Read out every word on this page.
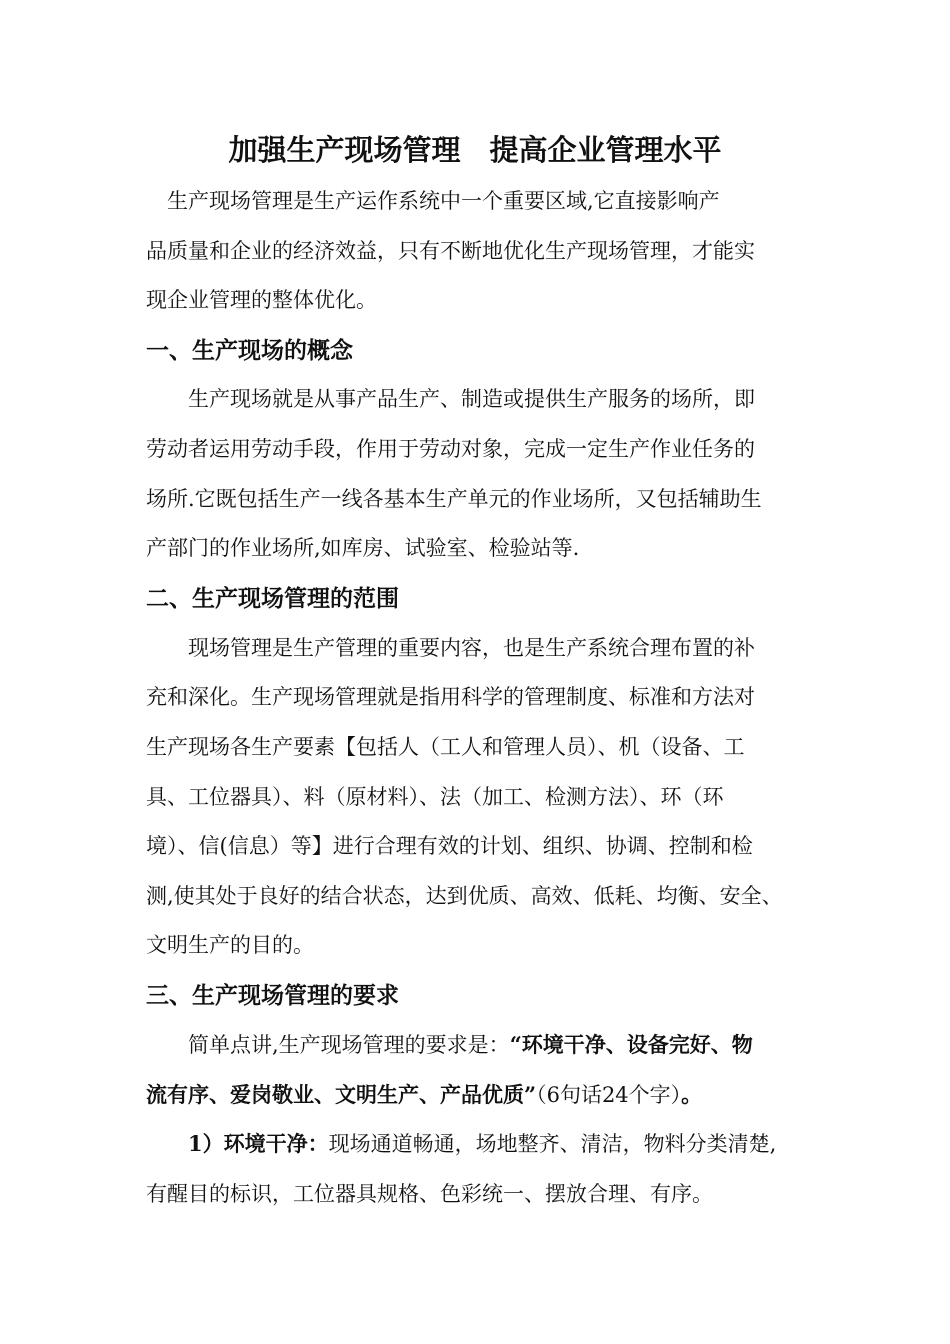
加强生产现场管理　提高企业管理水平
　生产现场管理是生产运作系统中一个重要区域,它直接影响产
品质量和企业的经济效益，只有不断地优化生产现场管理，才能实
现企业管理的整体优化。
一、生产现场的概念
　　生产现场就是从事产品生产、制造或提供生产服务的场所，即
劳动者运用劳动手段，作用于劳动对象，完成一定生产作业任务的
场所.它既包括生产一线各基本生产单元的作业场所，又包括辅助生
产部门的作业场所,如库房、试验室、检验站等.
二、生产现场管理的范围
　　现场管理是生产管理的重要内容，也是生产系统合理布置的补
充和深化。生产现场管理就是指用科学的管理制度、标准和方法对
生产现场各生产要素【包括人（工人和管理人员）、机（设备、工
具、工位器具）、料（原材料）、法（加工、检测方法）、环（环
境）、信(信息）等】进行合理有效的计划、组织、协调、控制和检
测,使其处于良好的结合状态，达到优质、高效、低耗、均衡、安全、
文明生产的目的。
三、生产现场管理的要求
　　简单点讲,生产现场管理的要求是：“环境干净、设备完好、物
流有序、爱岗敬业、文明生产、产品优质”（6句话24个字）。
　　1）环境干净：现场通道畅通，场地整齐、清洁，物料分类清楚,
有醒目的标识，工位器具规格、色彩统一、摆放合理、有序。
